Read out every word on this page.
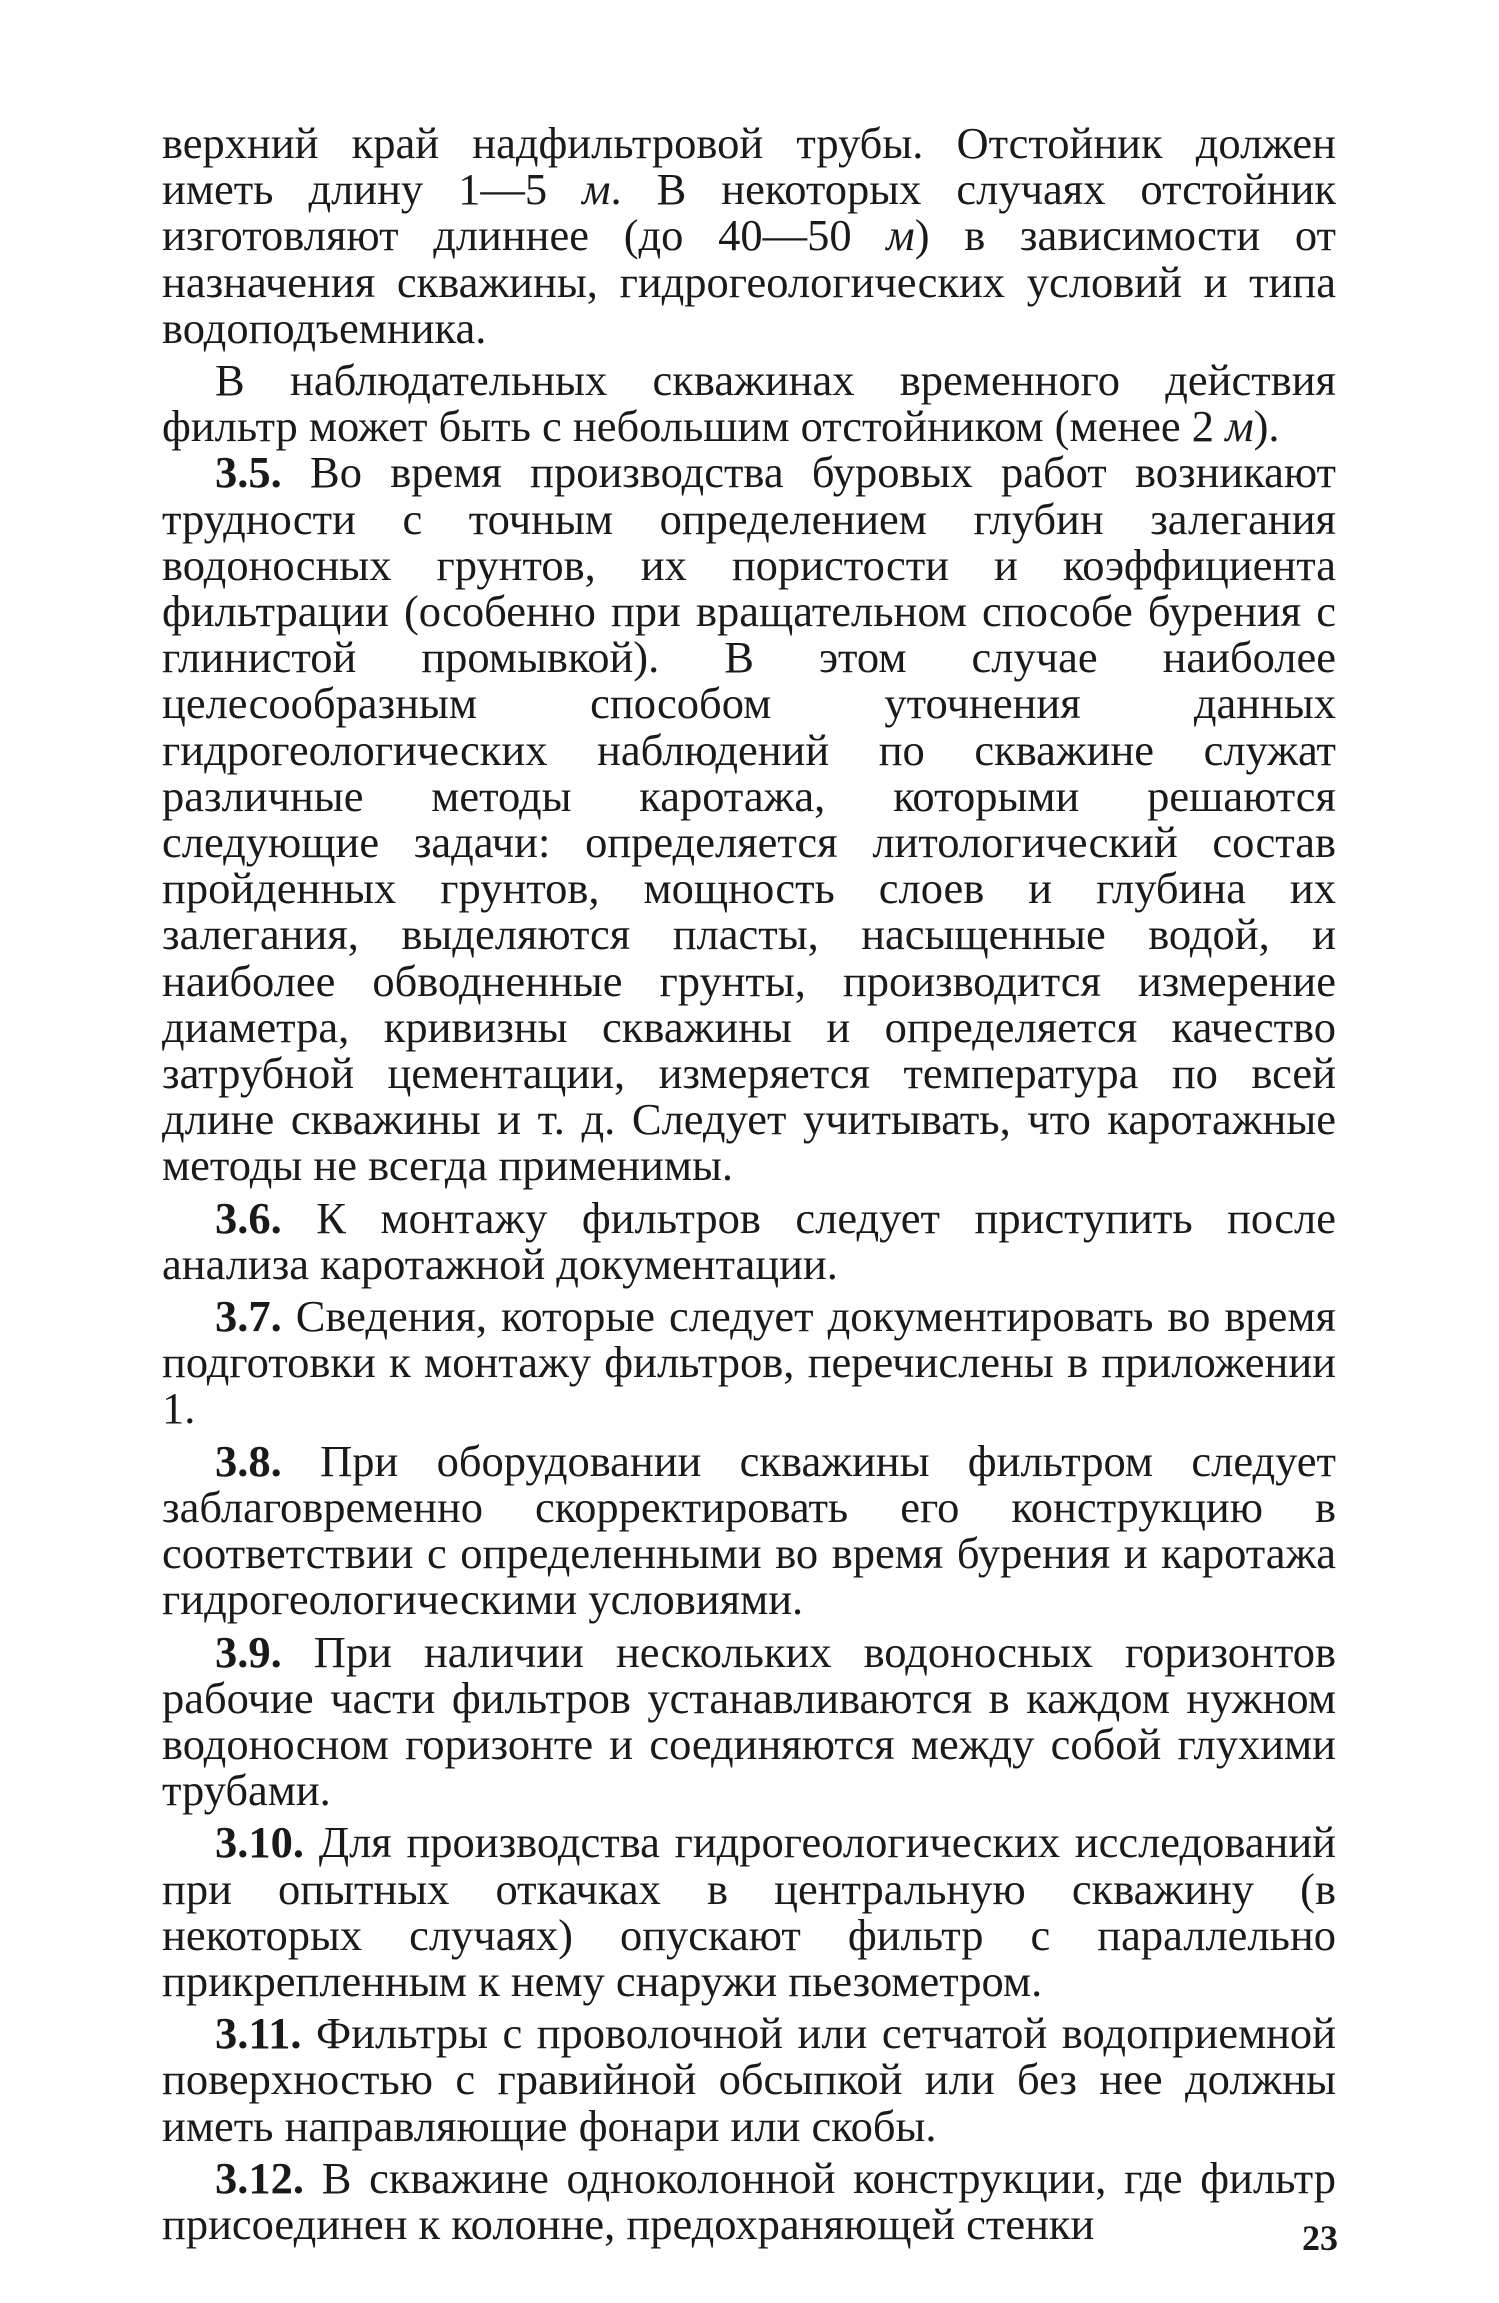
верхний край надфильтровой трубы. Отстойник должен иметь длину 1—5 м. В некоторых случаях отстойник изготовляют длиннее (до 40—50 м) в зависимости от назначения скважины, гидрогеологических условий и типа водоподъемника.

В наблюдательных скважинах временного действия фильтр может быть с небольшим отстойником (менее 2 м).

3.5. Во время производства буровых работ возникают трудности с точным определением глубин залегания водоносных грунтов, их пористости и коэффициента фильтрации (особенно при вращательном способе бурения с глинистой промывкой). В этом случае наиболее целесообразным способом уточнения данных гидрогеологических наблюдений по скважине служат различные методы каротажа, которыми решаются следующие задачи: определяется литологический состав пройденных грунтов, мощность слоев и глубина их залегания, выделяются пласты, насыщенные водой, и наиболее обводненные грунты, производится измерение диаметра, кривизны скважины и определяется качество затрубной цементации, измеряется температура по всей длине скважины и т. д. Следует учитывать, что каротажные методы не всегда применимы.

3.6. К монтажу фильтров следует приступить после анализа каротажной документации.

3.7. Сведения, которые следует документировать во время подготовки к монтажу фильтров, перечислены в приложении 1.

3.8. При оборудовании скважины фильтром следует заблаговременно скорректировать его конструкцию в соответствии с определенными во время бурения и каротажа гидрогеологическими условиями.

3.9. При наличии нескольких водоносных горизонтов рабочие части фильтров устанавливаются в каждом нужном водоносном горизонте и соединяются между собой глухими трубами.

3.10. Для производства гидрогеологических исследований при опытных откачках в центральную скважину (в некоторых случаях) опускают фильтр с параллельно прикрепленным к нему снаружи пьезометром.

3.11. Фильтры с проволочной или сетчатой водоприемной поверхностью с гравийной обсыпкой или без нее должны иметь направляющие фонари или скобы.

3.12. В скважине одноколонной конструкции, где фильтр присоединен к колонне, предохраняющей стенки	23
